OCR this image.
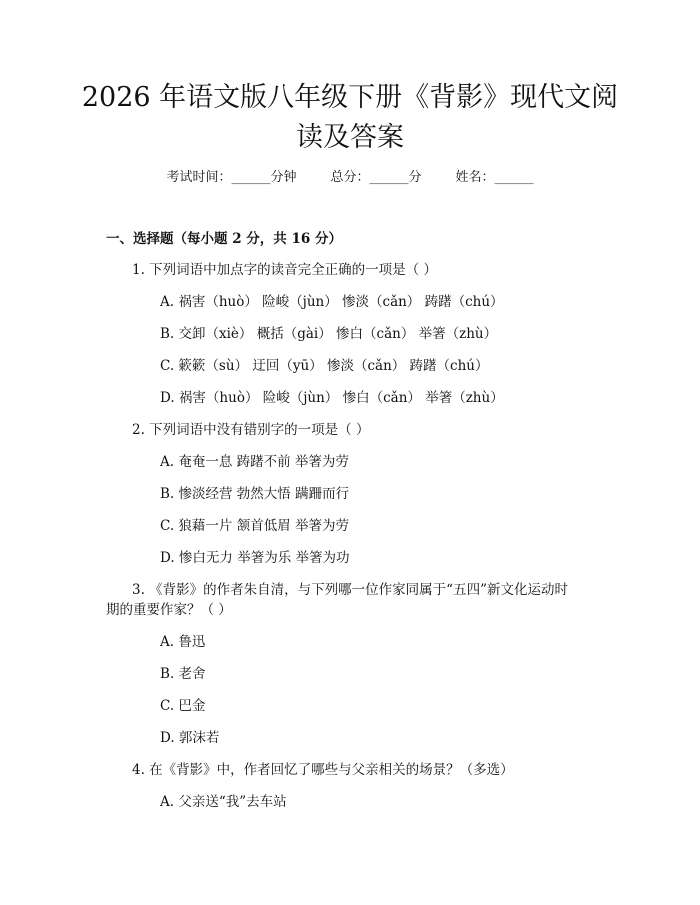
2026 年语文版八年级下册《背影》现代文阅
读及答案
考试时间：______分钟	总分：______分	姓名：______
一、选择题（每小题 2 分，共 16 分）
1. 下列词语中加点字的读音完全正确的一项是（ ）
A. 祸害（huò） 险峻（jùn） 惨淡（cǎn） 踌躇（chú）
B. 交卸（xiè） 概括（gài） 惨白（cǎn） 举箸（zhù）
C. 簌簌（sù） 迂回（yū） 惨淡（cǎn） 踌躇（chú）
D. 祸害（huò） 险峻（jùn） 惨白（cǎn） 举箸（zhù）
2. 下列词语中没有错别字的一项是（ ）
A. 奄奄一息 踌躇不前 举箸为劳
B. 惨淡经营 勃然大悟 蹒跚而行
C. 狼藉一片 颔首低眉 举箸为劳
D. 惨白无力 举箸为乐 举箸为功
3. 《背影》的作者朱自清，与下列哪一位作家同属于“五四”新文化运动时
期的重要作家？（ ）
A. 鲁迅
B. 老舍
C. 巴金
D. 郭沫若
4. 在《背影》中，作者回忆了哪些与父亲相关的场景？（多选）
A. 父亲送“我”去车站
